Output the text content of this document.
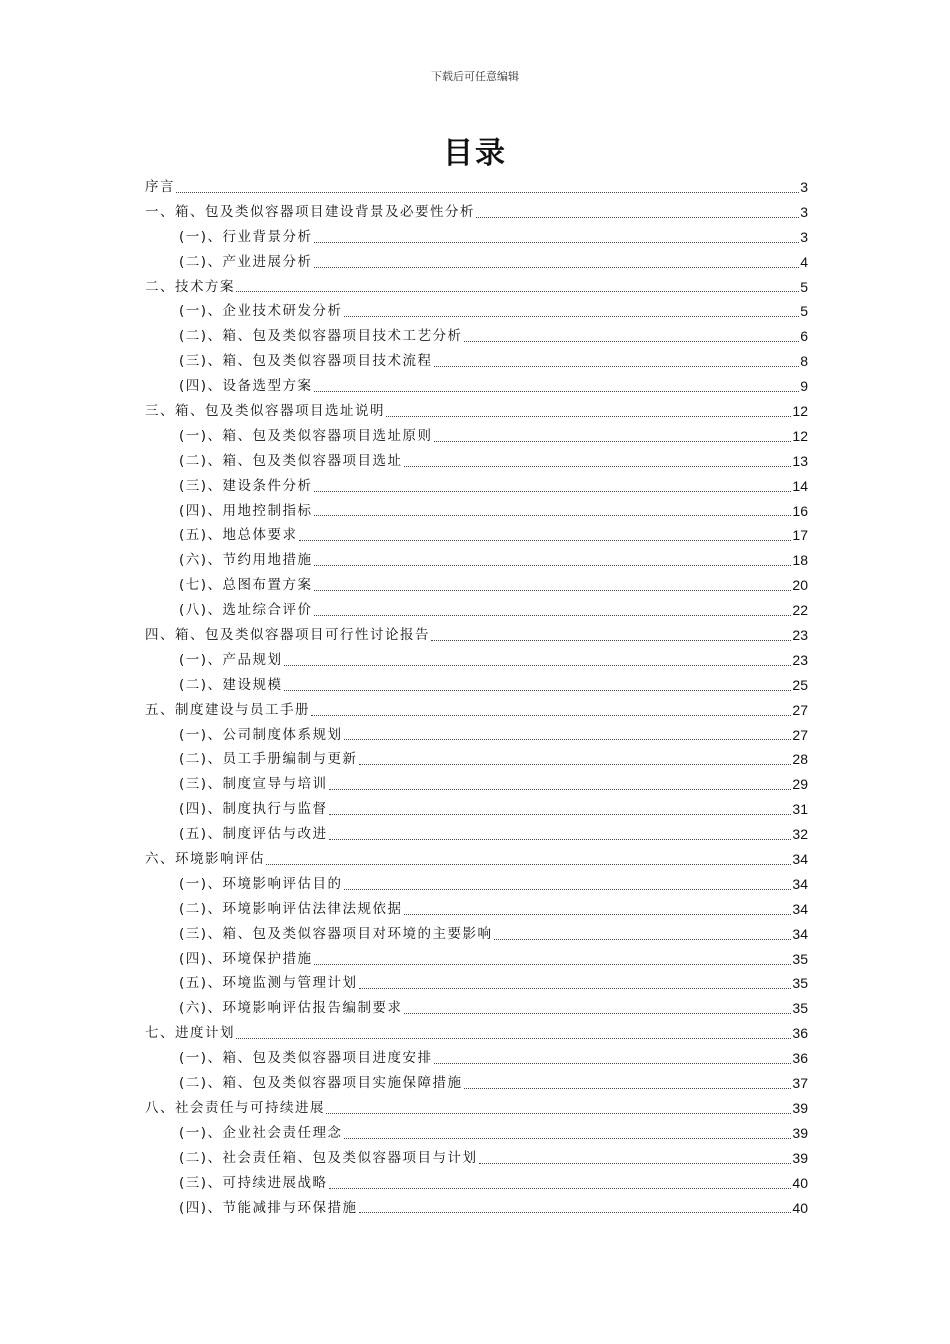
下载后可任意编辑
目录
序言	3
一、箱、包及类似容器项目建设背景及必要性分析	3
(一)、行业背景分析	3
(二)、产业进展分析	4
二、技术方案	5
(一)、企业技术研发分析	5
(二)、箱、包及类似容器项目技术工艺分析	6
(三)、箱、包及类似容器项目技术流程	8
(四)、设备选型方案	9
三、箱、包及类似容器项目选址说明	12
(一)、箱、包及类似容器项目选址原则	12
(二)、箱、包及类似容器项目选址	13
(三)、建设条件分析	14
(四)、用地控制指标	16
(五)、地总体要求	17
(六)、节约用地措施	18
(七)、总图布置方案	20
(八)、选址综合评价	22
四、箱、包及类似容器项目可行性讨论报告	23
(一)、产品规划	23
(二)、建设规模	25
五、制度建设与员工手册	27
(一)、公司制度体系规划	27
(二)、员工手册编制与更新	28
(三)、制度宣导与培训	29
(四)、制度执行与监督	31
(五)、制度评估与改进	32
六、环境影响评估	34
(一)、环境影响评估目的	34
(二)、环境影响评估法律法规依据	34
(三)、箱、包及类似容器项目对环境的主要影响	34
(四)、环境保护措施	35
(五)、环境监测与管理计划	35
(六)、环境影响评估报告编制要求	35
七、进度计划	36
(一)、箱、包及类似容器项目进度安排	36
(二)、箱、包及类似容器项目实施保障措施	37
八、社会责任与可持续进展	39
(一)、企业社会责任理念	39
(二)、社会责任箱、包及类似容器项目与计划	39
(三)、可持续进展战略	40
(四)、节能减排与环保措施	40
